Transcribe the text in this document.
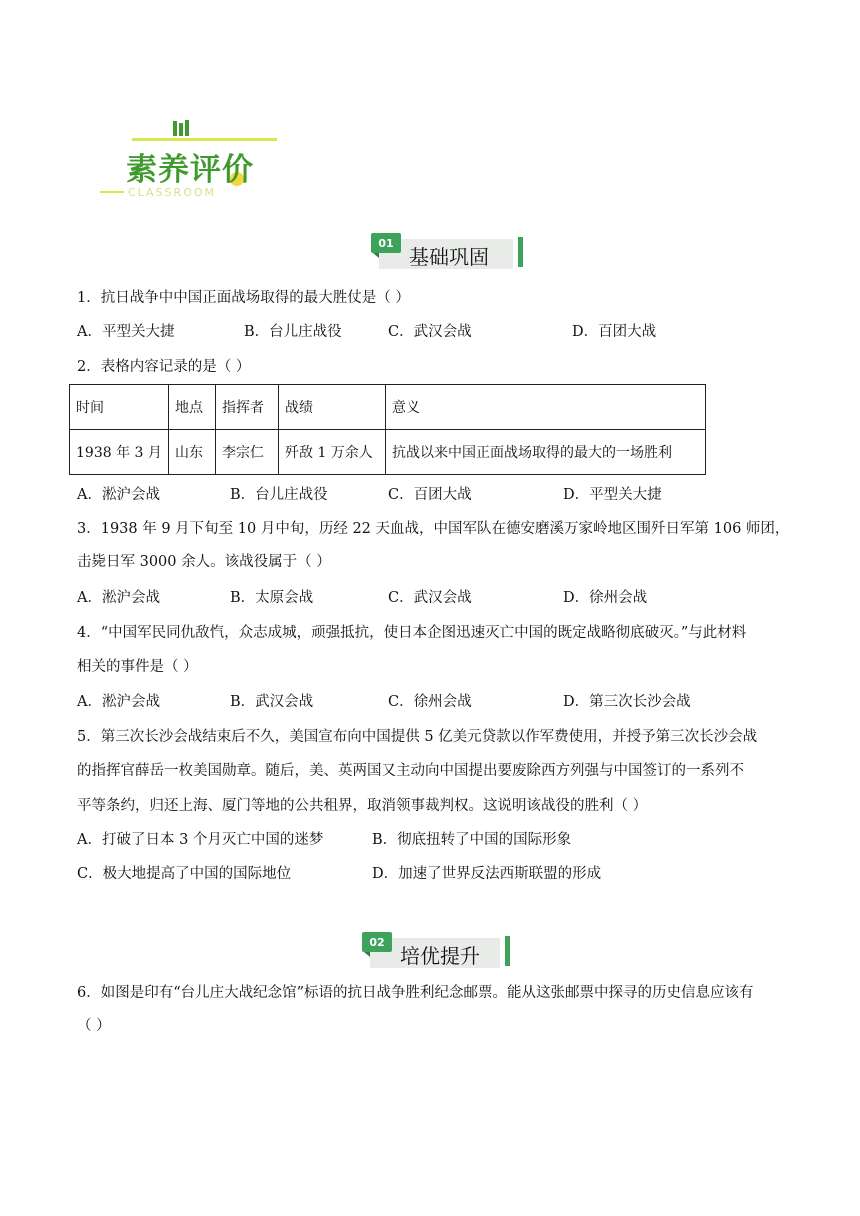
素养评价
CLASSROOM
01
基础巩固
1．抗日战争中中国正面战场取得的最大胜仗是（ ）
A．平型关大捷	B．台儿庄战役	C．武汉会战	D．百团大战
2．表格内容记录的是（ ）
时间	地点	指挥者	战绩	意义
1938 年 3 月	山东	李宗仁	歼敌 1 万余人	抗战以来中国正面战场取得的最大的一场胜利
A．淞沪会战	B．台儿庄战役	C．百团大战	D．平型关大捷
3．1938 年 9 月下旬至 10 月中旬，历经 22 天血战，中国军队在德安磨溪万家岭地区围歼日军第 106 师团，
击毙日军 3000 余人。该战役属于（ ）
A．淞沪会战	B．太原会战	C．武汉会战	D．徐州会战
4．“中国军民同仇敌忾，众志成城，顽强抵抗，使日本企图迅速灭亡中国的既定战略彻底破灭。”与此材料
相关的事件是（ ）
A．淞沪会战	B．武汉会战	C．徐州会战	D．第三次长沙会战
5．第三次长沙会战结束后不久，美国宣布向中国提供 5 亿美元贷款以作军费使用，并授予第三次长沙会战
的指挥官薛岳一枚美国勋章。随后，美、英两国又主动向中国提出要废除西方列强与中国签订的一系列不
平等条约，归还上海、厦门等地的公共租界，取消领事裁判权。这说明该战役的胜利（ ）
A．打破了日本 3 个月灭亡中国的迷梦	B．彻底扭转了中国的国际形象
C．极大地提高了中国的国际地位	D．加速了世界反法西斯联盟的形成
02
培优提升
6．如图是印有“台儿庄大战纪念馆”标语的抗日战争胜利纪念邮票。能从这张邮票中探寻的历史信息应该有
（ ）
